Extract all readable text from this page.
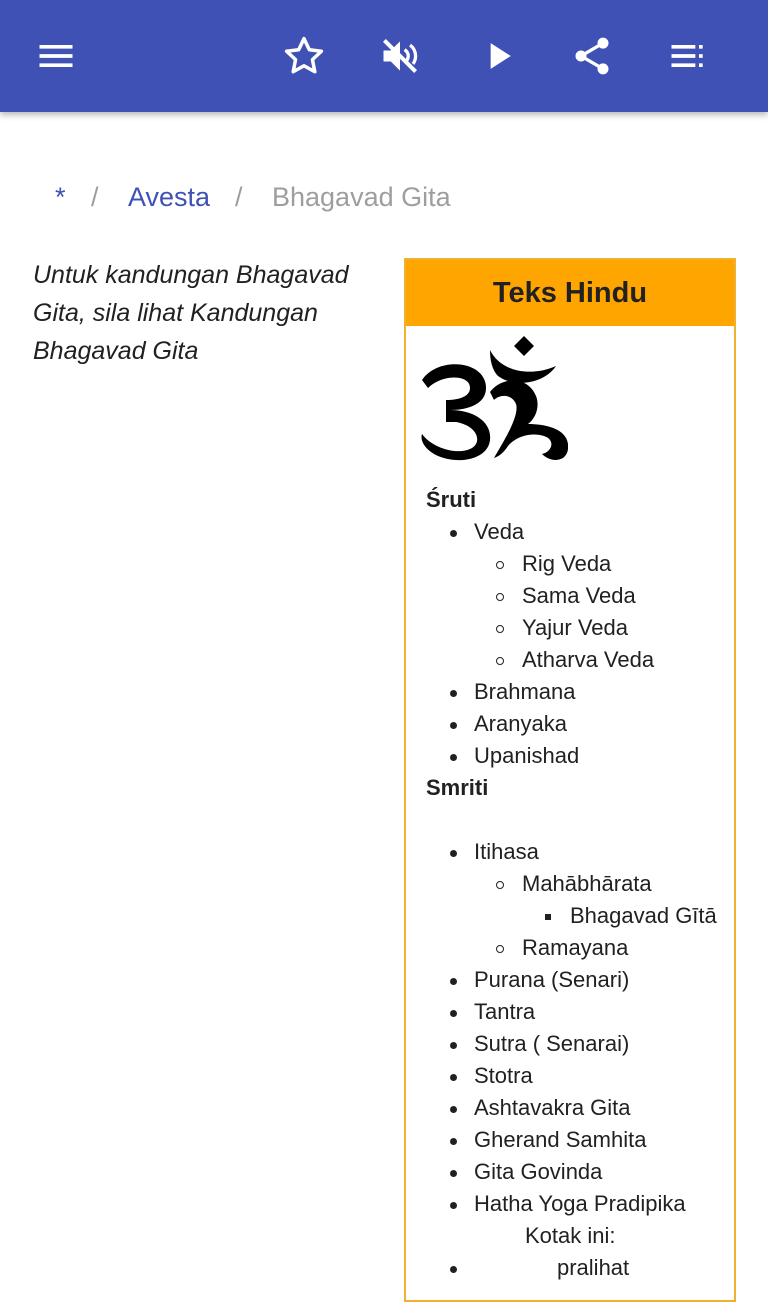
* / Avesta / Bhagavad Gita
Untuk kandungan Bhagavad Gita, sila lihat Kandungan Bhagavad Gita
Teks Hindu
Śruti
Veda
Rig Veda
Sama Veda
Yajur Veda
Atharva Veda
Brahmana
Aranyaka
Upanishad
Smriti
Itihasa
Mahābhārata
Bhagavad Gītā
Ramayana
Purana (Senari)
Tantra
Sutra ( Senarai)
Stotra
Ashtavakra Gita
Gherand Samhita
Gita Govinda
Hatha Yoga Pradipika
Kotak ini:
pralihat
